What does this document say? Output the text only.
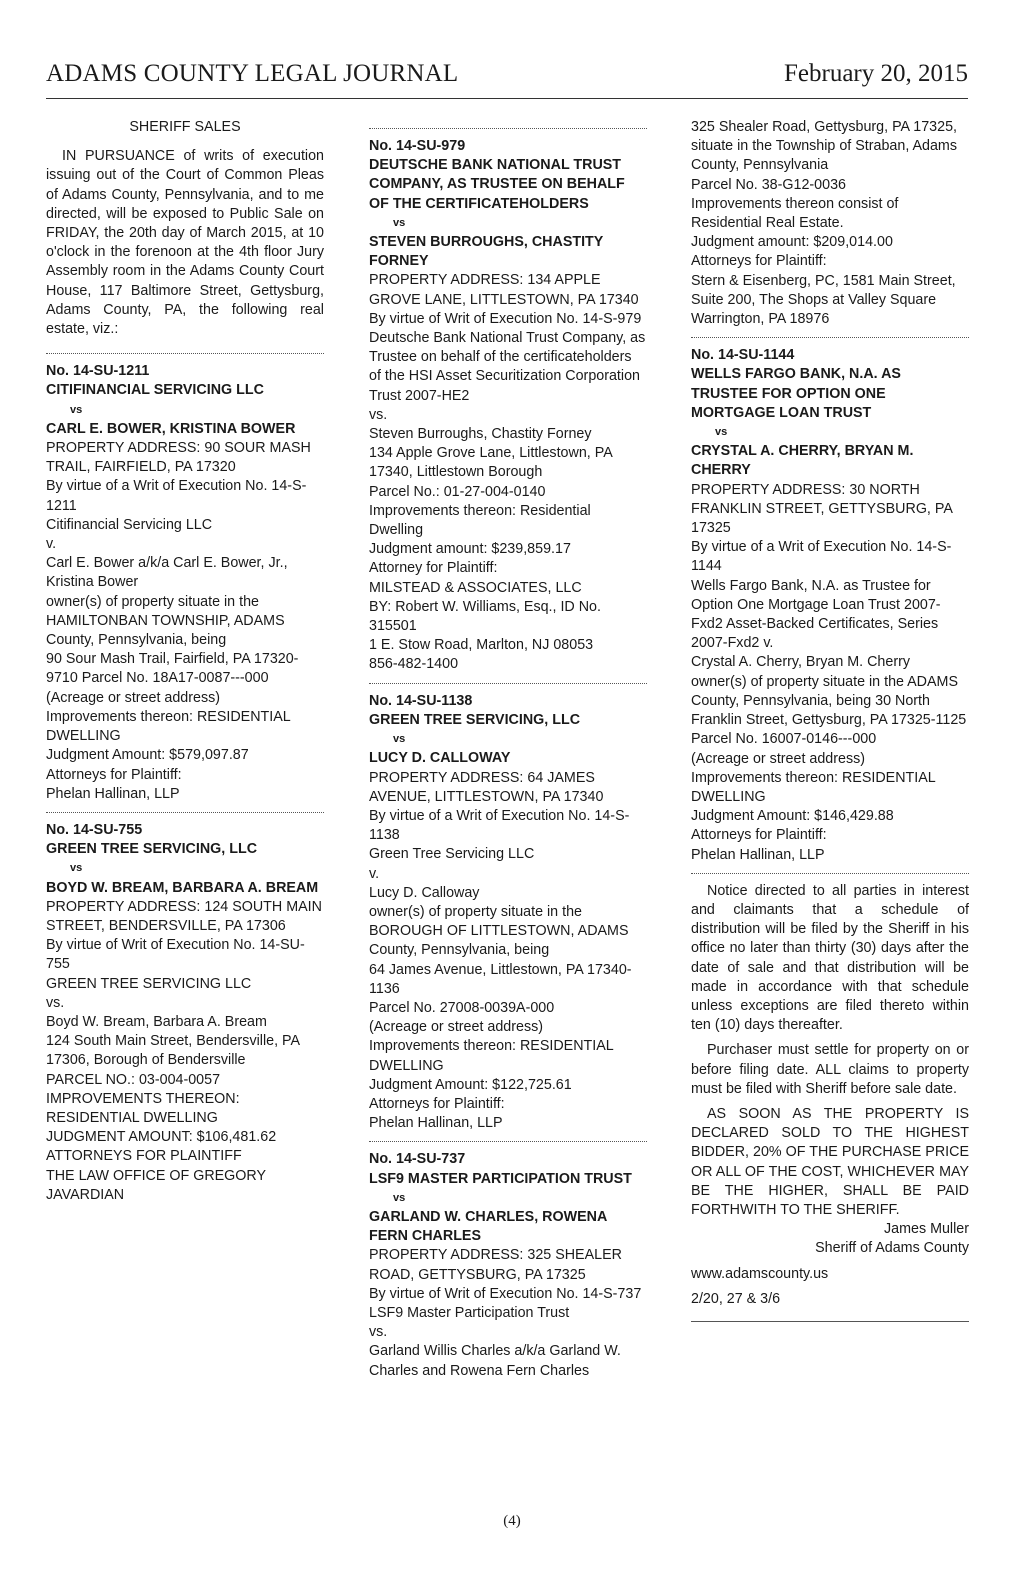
ADAMS COUNTY LEGAL JOURNAL	February 20, 2015

SHERIFF SALES

IN PURSUANCE of writs of execution issuing out of the Court of Common Pleas of Adams County, Pennsylvania, and to me directed, will be exposed to Public Sale on FRIDAY, the 20th day of March 2015, at 10 o'clock in the forenoon at the 4th floor Jury Assembly room in the Adams County Court House, 117 Baltimore Street, Gettysburg, Adams County, PA, the following real estate, viz.:

No. 14-SU-1211

CITIFINANCIAL SERVICING LLC

vs

CARL E. BOWER, KRISTINA BOWER

PROPERTY ADDRESS: 90 SOUR MASH TRAIL, FAIRFIELD, PA 17320

By virtue of a Writ of Execution No. 14-S-1211

Citifinancial Servicing LLC

v.

Carl E. Bower a/k/a Carl E. Bower, Jr., Kristina Bower

owner(s) of property situate in the HAMILTONBAN TOWNSHIP, ADAMS County, Pennsylvania, being

90 Sour Mash Trail, Fairfield, PA 17320-9710 Parcel No. 18A17-0087---000

(Acreage or street address)

Improvements thereon: RESIDENTIAL DWELLING

Judgment Amount: $579,097.87

Attorneys for Plaintiff:

Phelan Hallinan, LLP

No. 14-SU-755

GREEN TREE SERVICING, LLC

vs

BOYD W. BREAM, BARBARA A. BREAM

PROPERTY ADDRESS: 124 SOUTH MAIN STREET, BENDERSVILLE, PA 17306

By virtue of Writ of Execution No. 14-SU-755

GREEN TREE SERVICING LLC

vs.

Boyd W. Bream, Barbara A. Bream

124 South Main Street, Bendersville, PA 17306, Borough of Bendersville

PARCEL NO.: 03-004-0057

IMPROVEMENTS THEREON: RESIDENTIAL DWELLING

JUDGMENT AMOUNT: $106,481.62

ATTORNEYS FOR PLAINTIFF

THE LAW OFFICE OF GREGORY JAVARDIAN

No. 14-SU-979

DEUTSCHE BANK NATIONAL TRUST COMPANY, AS TRUSTEE ON BEHALF OF THE CERTIFICATEHOLDERS

vs

STEVEN BURROUGHS, CHASTITY FORNEY

PROPERTY ADDRESS: 134 APPLE GROVE LANE, LITTLESTOWN, PA 17340

By virtue of Writ of Execution No. 14-S-979

Deutsche Bank National Trust Company, as Trustee on behalf of the certificateholders of the HSI Asset Securitization Corporation Trust 2007-HE2

vs.

Steven Burroughs, Chastity Forney

134 Apple Grove Lane, Littlestown, PA 17340, Littlestown Borough

Parcel No.: 01-27-004-0140

Improvements thereon: Residential Dwelling

Judgment amount: $239,859.17

Attorney for Plaintiff:

MILSTEAD & ASSOCIATES, LLC

BY: Robert W. Williams, Esq., ID No. 315501

1 E. Stow Road, Marlton, NJ 08053

856-482-1400

No. 14-SU-1138

GREEN TREE SERVICING, LLC

vs

LUCY D. CALLOWAY

PROPERTY ADDRESS: 64 JAMES AVENUE, LITTLESTOWN, PA 17340

By virtue of a Writ of Execution No. 14-S-1138

Green Tree Servicing LLC

v.

Lucy D. Calloway

owner(s) of property situate in the BOROUGH OF LITTLESTOWN, ADAMS County, Pennsylvania, being

64 James Avenue, Littlestown, PA 17340-1136

Parcel No. 27008-0039A-000

(Acreage or street address)

Improvements thereon: RESIDENTIAL DWELLING

Judgment Amount: $122,725.61

Attorneys for Plaintiff:

Phelan Hallinan, LLP

No. 14-SU-737

LSF9 MASTER PARTICIPATION TRUST

vs

GARLAND W. CHARLES, ROWENA FERN CHARLES

PROPERTY ADDRESS: 325 SHEALER ROAD, GETTYSBURG, PA 17325

By virtue of Writ of Execution No. 14-S-737

LSF9 Master Participation Trust

vs.

Garland Willis Charles a/k/a Garland W. Charles and Rowena Fern Charles

325 Shealer Road, Gettysburg, PA 17325, situate in the Township of Straban, Adams County, Pennsylvania

Parcel No. 38-G12-0036

Improvements thereon consist of Residential Real Estate.

Judgment amount: $209,014.00

Attorneys for Plaintiff:

Stern & Eisenberg, PC, 1581 Main Street, Suite 200, The Shops at Valley Square Warrington, PA 18976

No. 14-SU-1144

WELLS FARGO BANK, N.A. AS TRUSTEE FOR OPTION ONE MORTGAGE LOAN TRUST

vs

CRYSTAL A. CHERRY, BRYAN M. CHERRY

PROPERTY ADDRESS: 30 NORTH FRANKLIN STREET, GETTYSBURG, PA 17325

By virtue of a Writ of Execution No. 14-S-1144

Wells Fargo Bank, N.A. as Trustee for Option One Mortgage Loan Trust 2007-Fxd2 Asset-Backed Certificates, Series 2007-Fxd2 v.

Crystal A. Cherry, Bryan M. Cherry

owner(s) of property situate in the ADAMS County, Pennsylvania, being 30 North Franklin Street, Gettysburg, PA 17325-1125

Parcel No. 16007-0146---000

(Acreage or street address)

Improvements thereon: RESIDENTIAL DWELLING

Judgment Amount: $146,429.88

Attorneys for Plaintiff:

Phelan Hallinan, LLP

Notice directed to all parties in interest and claimants that a schedule of distribution will be filed by the Sheriff in his office no later than thirty (30) days after the date of sale and that distribution will be made in accordance with that schedule unless exceptions are filed thereto within ten (10) days thereafter.

Purchaser must settle for property on or before filing date. ALL claims to property must be filed with Sheriff before sale date.

AS SOON AS THE PROPERTY IS DECLARED SOLD TO THE HIGHEST BIDDER, 20% OF THE PURCHASE PRICE OR ALL OF THE COST, WHICHEVER MAY BE THE HIGHER, SHALL BE PAID FORTHWITH TO THE SHERIFF.

James Muller

Sheriff of Adams County

www.adamscounty.us

2/20, 27 & 3/6

(4)
